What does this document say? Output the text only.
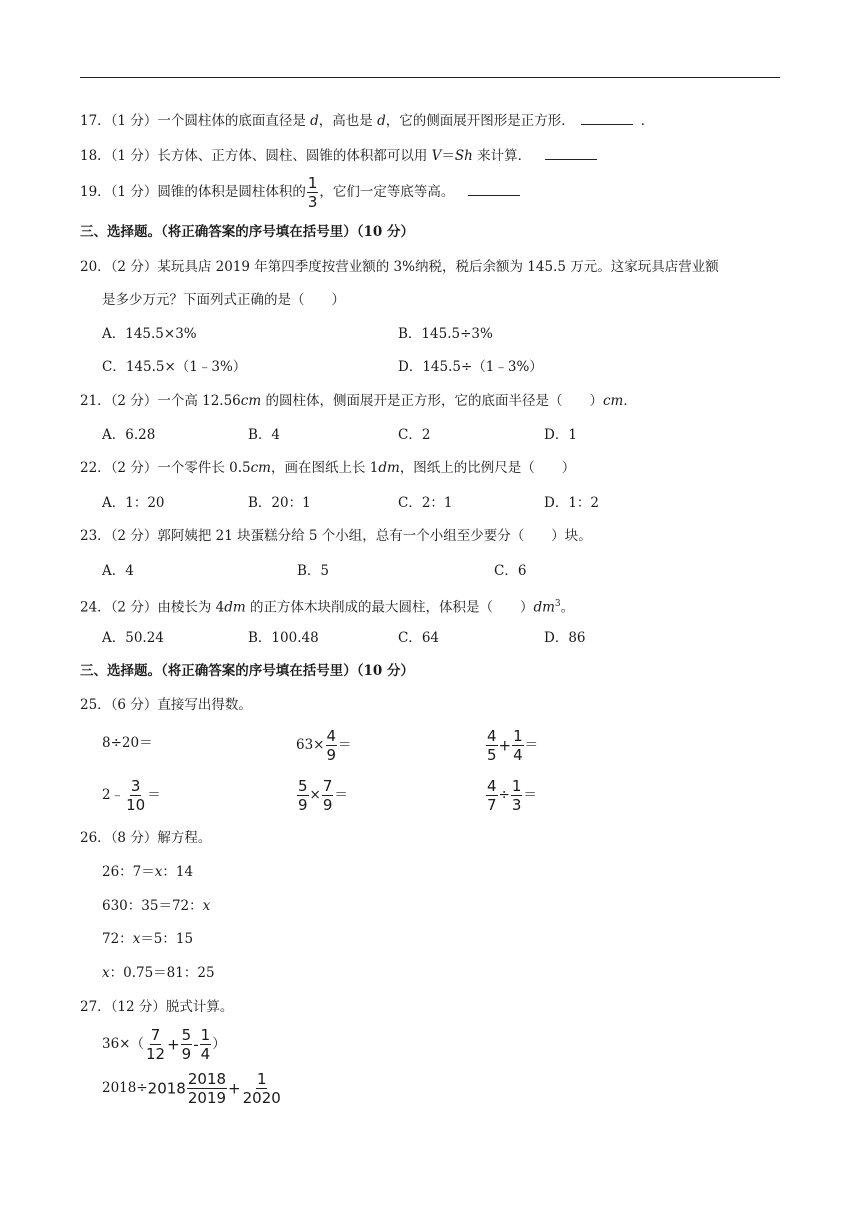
17．（1 分）一个圆柱体的底面直径是 d，高也是 d，它的侧面展开图形是正方形．	．
18．（1 分）长方体、正方体、圆柱、圆锥的体积都可以用 V＝Sh 来计算．
19．（1 分）圆锥的体积是圆柱体积的 $\frac{1}{3}$ ，它们一定等底等高。
三、选择题。（将正确答案的序号填在括号里）（10 分）
20．（2 分）某玩具店 2019 年第四季度按营业额的 3%纳税，税后余额为 145.5 万元。这家玩具店营业额
是多少万元？下面列式正确的是（　　）
A．145.5×3%	B．145.5÷3%
C．145.5×（1﹣3%）	D．145.5÷（1﹣3%）
21．（2 分）一个高 12.56cm 的圆柱体，侧面展开是正方形，它的底面半径是（　　）cm．
A．6.28	B．4	C．2	D．1
22．（2 分）一个零件长 0.5cm，画在图纸上长 1dm，图纸上的比例尺是（　　）
A．1：20	B．20：1	C．2：1	D．1：2
23．（2 分）郭阿姨把 21 块蛋糕分给 5 个小组，总有一个小组至少要分（　　）块。
A．4	B．5	C．6
24．（2 分）由棱长为 4dm 的正方体木块削成的最大圆柱，体积是（　　）$dm^3$。
A．50.24	B．100.48	C．64	D．86
三、选择题。（将正确答案的序号填在括号里）（10 分）
25．（6 分）直接写出得数。
8÷20＝	$63\times \frac{4}{9}$ ＝	$\frac{4}{5} + \frac{1}{4}$ ＝
2﹣ $\frac{3}{10}$ ＝	$\frac{5}{9} \times \frac{7}{9}$ ＝	$\frac{4}{7} \div \frac{1}{3}$ ＝
26．（8 分）解方程。
26：7＝x：14
630：35＝72：x
72：x＝5：15
x：0.75＝81：25
27．（12 分）脱式计算。
$36\times( \frac{7}{12} + \frac{5}{9} - \frac{1}{4}$ ）
$2018\div 2018 \frac{2018}{2019} + \frac{1}{2020}$
